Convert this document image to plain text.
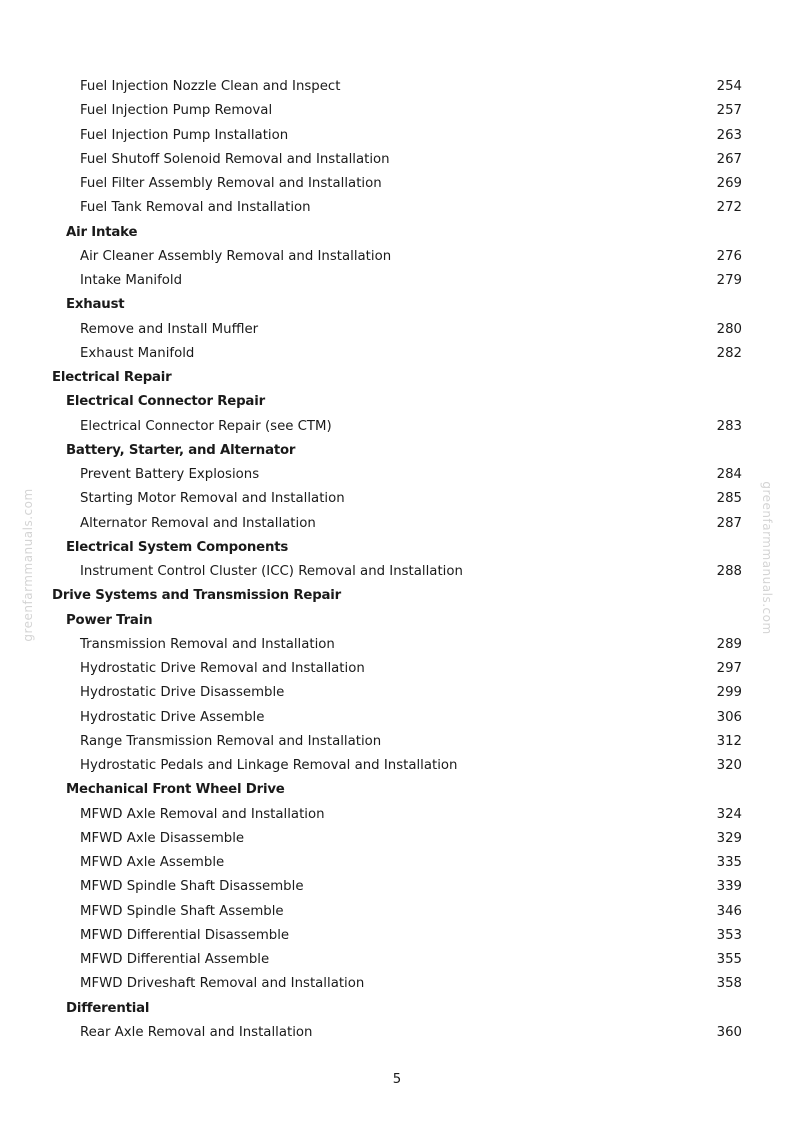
Fuel Injection Nozzle Clean and Inspect	254
Fuel Injection Pump Removal	257
Fuel Injection Pump Installation	263
Fuel Shutoff Solenoid Removal and Installation	267
Fuel Filter Assembly Removal and Installation	269
Fuel Tank Removal and Installation	272
Air Intake
Air Cleaner Assembly Removal and Installation	276
Intake Manifold	279
Exhaust
Remove and Install Muffler	280
Exhaust Manifold	282
Electrical Repair
Electrical Connector Repair
Electrical Connector Repair (see CTM)	283
Battery, Starter, and Alternator
Prevent Battery Explosions	284
Starting Motor Removal and Installation	285
Alternator Removal and Installation	287
Electrical System Components
Instrument Control Cluster (ICC) Removal and Installation	288
Drive Systems and Transmission Repair
Power Train
Transmission Removal and Installation	289
Hydrostatic Drive Removal and Installation	297
Hydrostatic Drive Disassemble	299
Hydrostatic Drive Assemble	306
Range Transmission Removal and Installation	312
Hydrostatic Pedals and Linkage Removal and Installation	320
Mechanical Front Wheel Drive
MFWD Axle Removal and Installation	324
MFWD Axle Disassemble	329
MFWD Axle Assemble	335
MFWD Spindle Shaft Disassemble	339
MFWD Spindle Shaft Assemble	346
MFWD Differential Disassemble	353
MFWD Differential Assemble	355
MFWD Driveshaft Removal and Installation	358
Differential
Rear Axle Removal and Installation	360
5
greenfarmmanuals.com	greenfarmmanuals.com
